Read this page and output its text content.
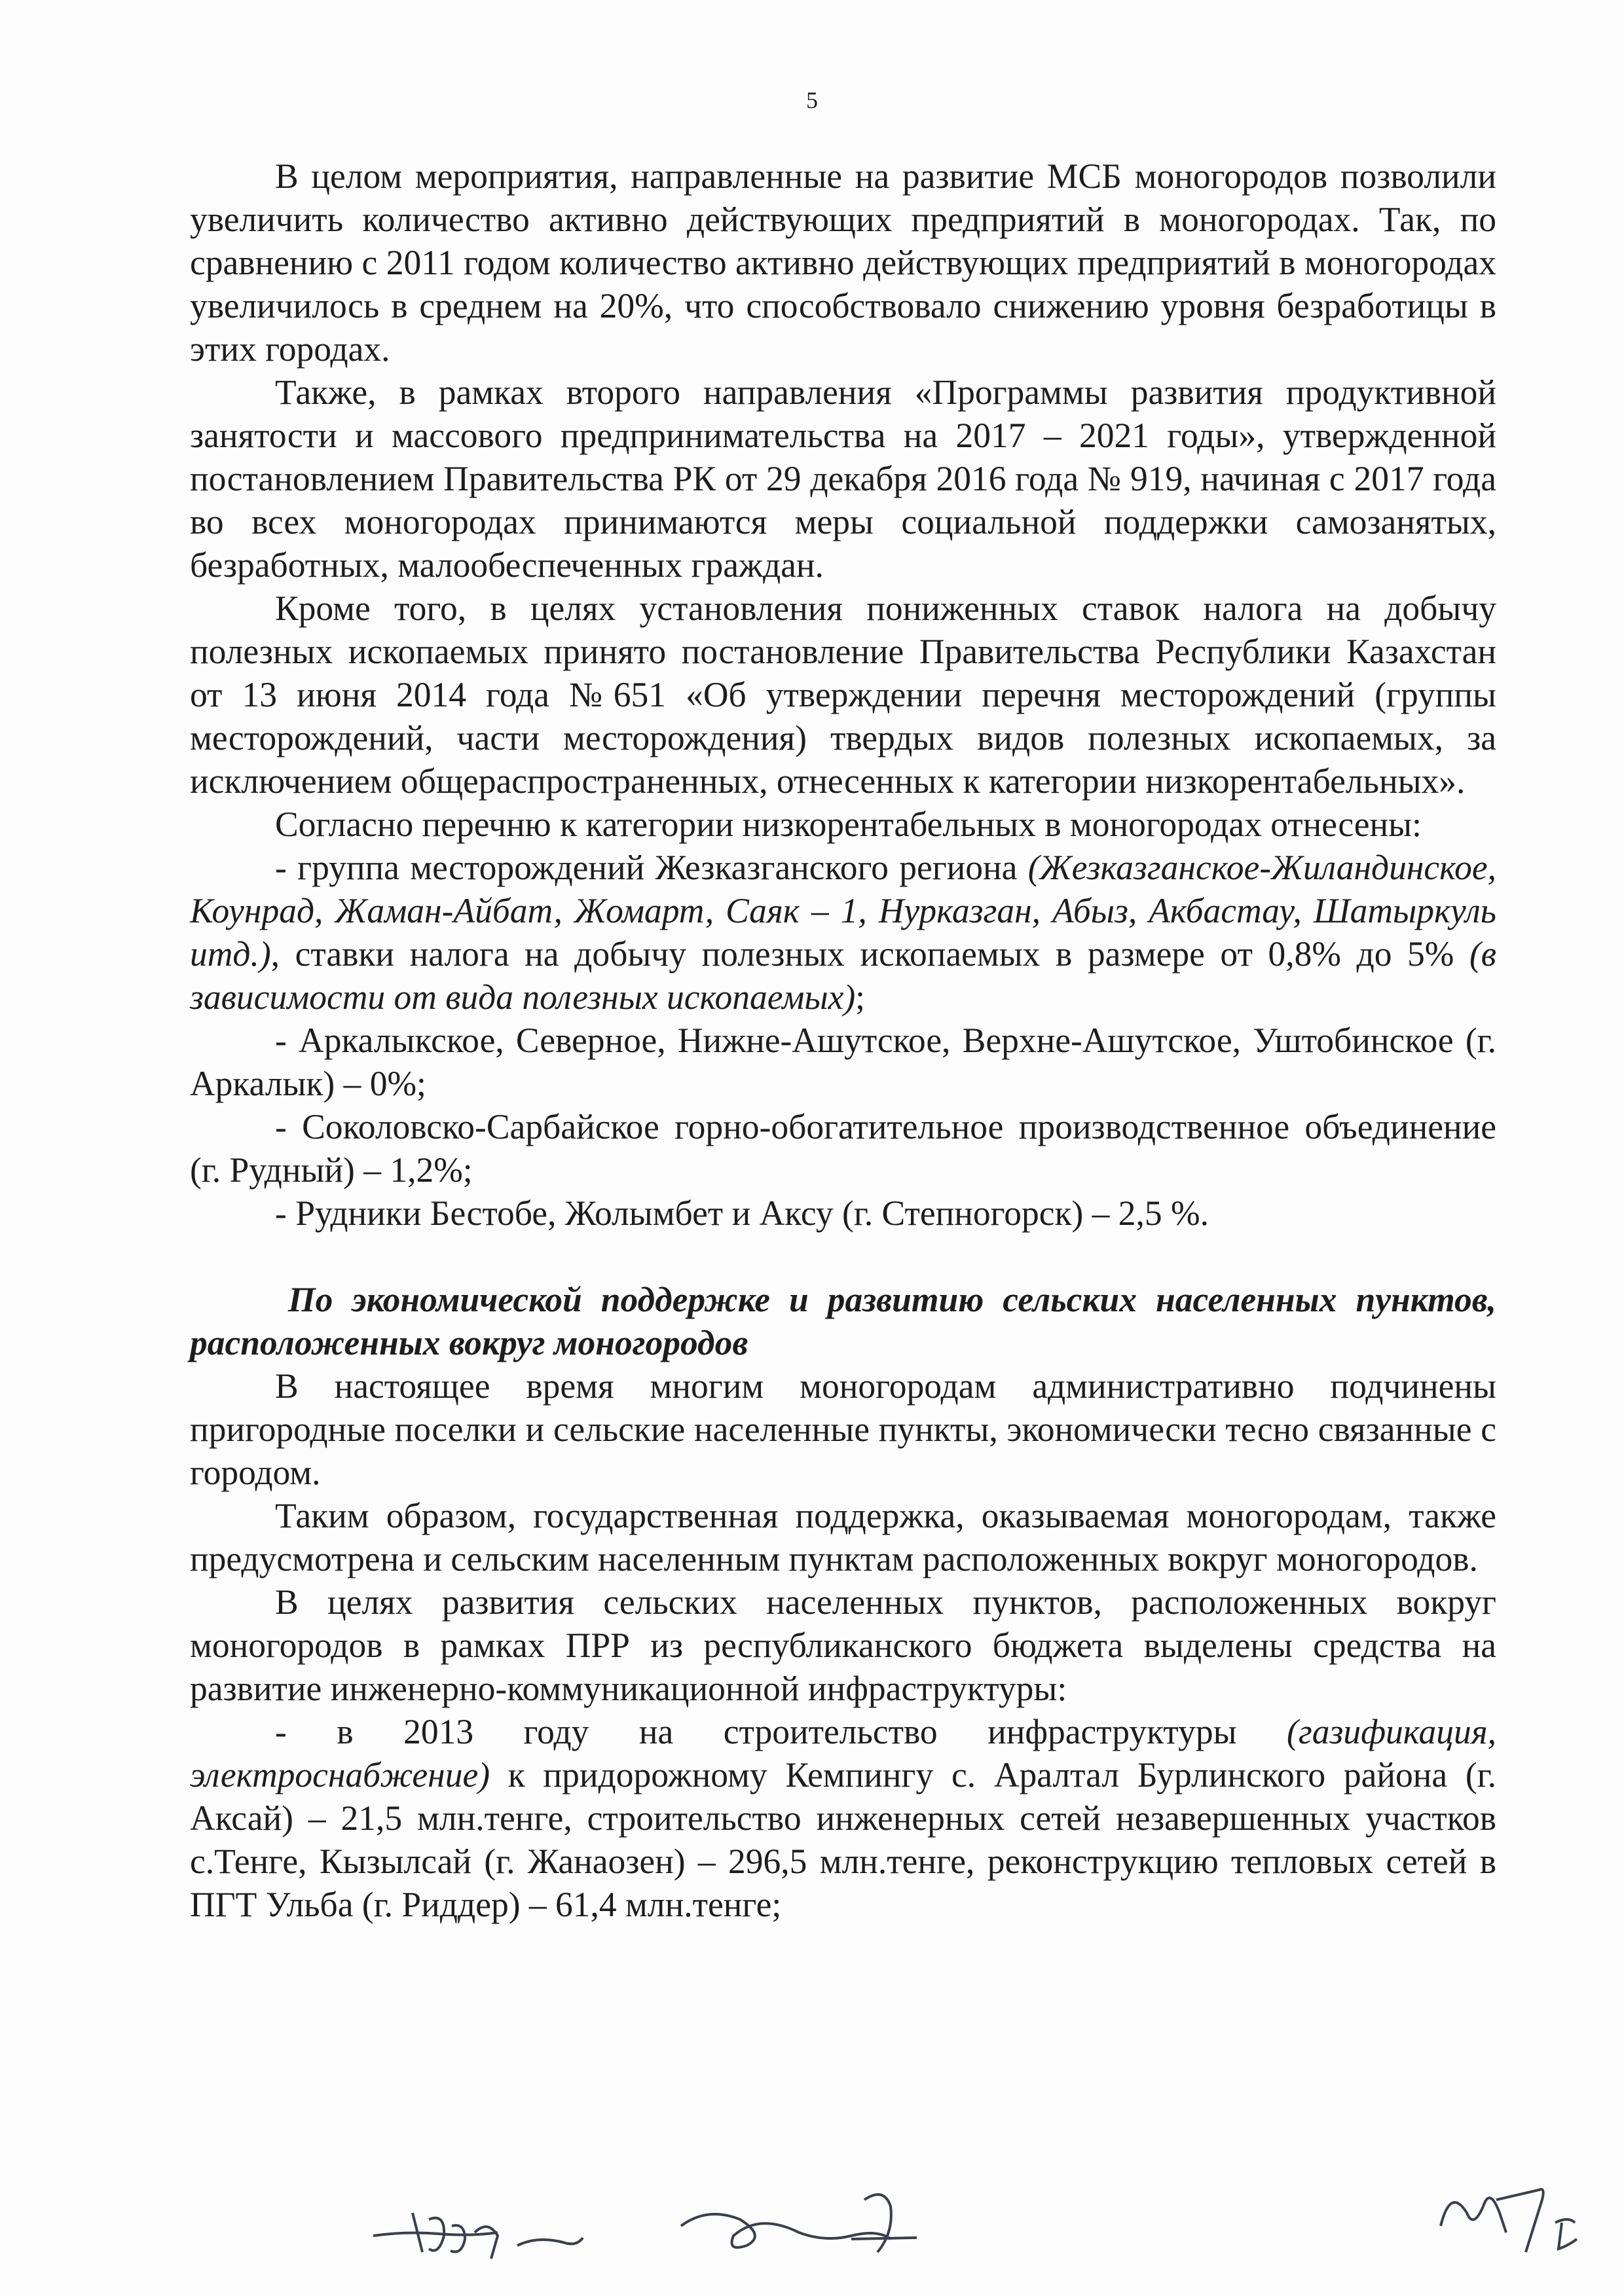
5

В целом мероприятия, направленные на развитие МСБ моногородов позволили увеличить количество активно действующих предприятий в моногородах. Так, по сравнению с 2011 годом количество активно действующих предприятий в моногородах увеличилось в среднем на 20%, что способствовало снижению уровня безработицы в этих городах.

Также, в рамках второго направления «Программы развития продуктивной занятости и массового предпринимательства на 2017 – 2021 годы», утвержденной постановлением Правительства РК от 29 декабря 2016 года № 919, начиная с 2017 года во всех моногородах принимаются меры социальной поддержки самозанятых, безработных, малообеспеченных граждан.

Кроме того, в целях установления пониженных ставок налога на добычу полезных ископаемых принято постановление Правительства Республики Казахстан от 13 июня 2014 года №651 «Об утверждении перечня месторождений (группы месторождений, части месторождения) твердых видов полезных ископаемых, за исключением общераспространенных, отнесенных к категории низкорентабельных».

Согласно перечню к категории низкорентабельных в моногородах отнесены:

- группа месторождений Жезказганского региона (Жезказганское-Жиландинское, Коунрад, Жаман-Айбат, Жомарт, Саяк – 1, Нурказган, Абыз, Акбастау, Шатыркуль итд.), ставки налога на добычу полезных ископаемых в размере от 0,8% до 5% (в зависимости от вида полезных ископаемых);

- Аркалыкское, Северное, Нижне-Ашутское, Верхне-Ашутское, Уштобинское (г. Аркалык) – 0%;

- Соколовско-Сарбайское горно-обогатительное производственное объединение (г. Рудный) – 1,2%;

- Рудники Бестобе, Жолымбет и Аксу (г. Степногорск) – 2,5 %.

По экономической поддержке и развитию сельских населенных пунктов, расположенных вокруг моногородов

В настоящее время многим моногородам административно подчинены пригородные поселки и сельские населенные пункты, экономически тесно связанные с городом.

Таким образом, государственная поддержка, оказываемая моногородам, также предусмотрена и сельским населенным пунктам расположенных вокруг моногородов.

В целях развития сельских населенных пунктов, расположенных вокруг моногородов в рамках ПРР из республиканского бюджета выделены средства на развитие инженерно-коммуникационной инфраструктуры:

- в 2013 году на строительство инфраструктуры (газификация, электроснабжение) к придорожному Кемпингу с. Аралтал Бурлинского района (г. Аксай) – 21,5 млн.тенге, строительство инженерных сетей незавершенных участков с.Тенге, Кызылсай (г. Жанаозен) – 296,5 млн.тенге, реконструкцию тепловых сетей в ПГТ Ульба (г. Риддер) – 61,4 млн.тенге;
